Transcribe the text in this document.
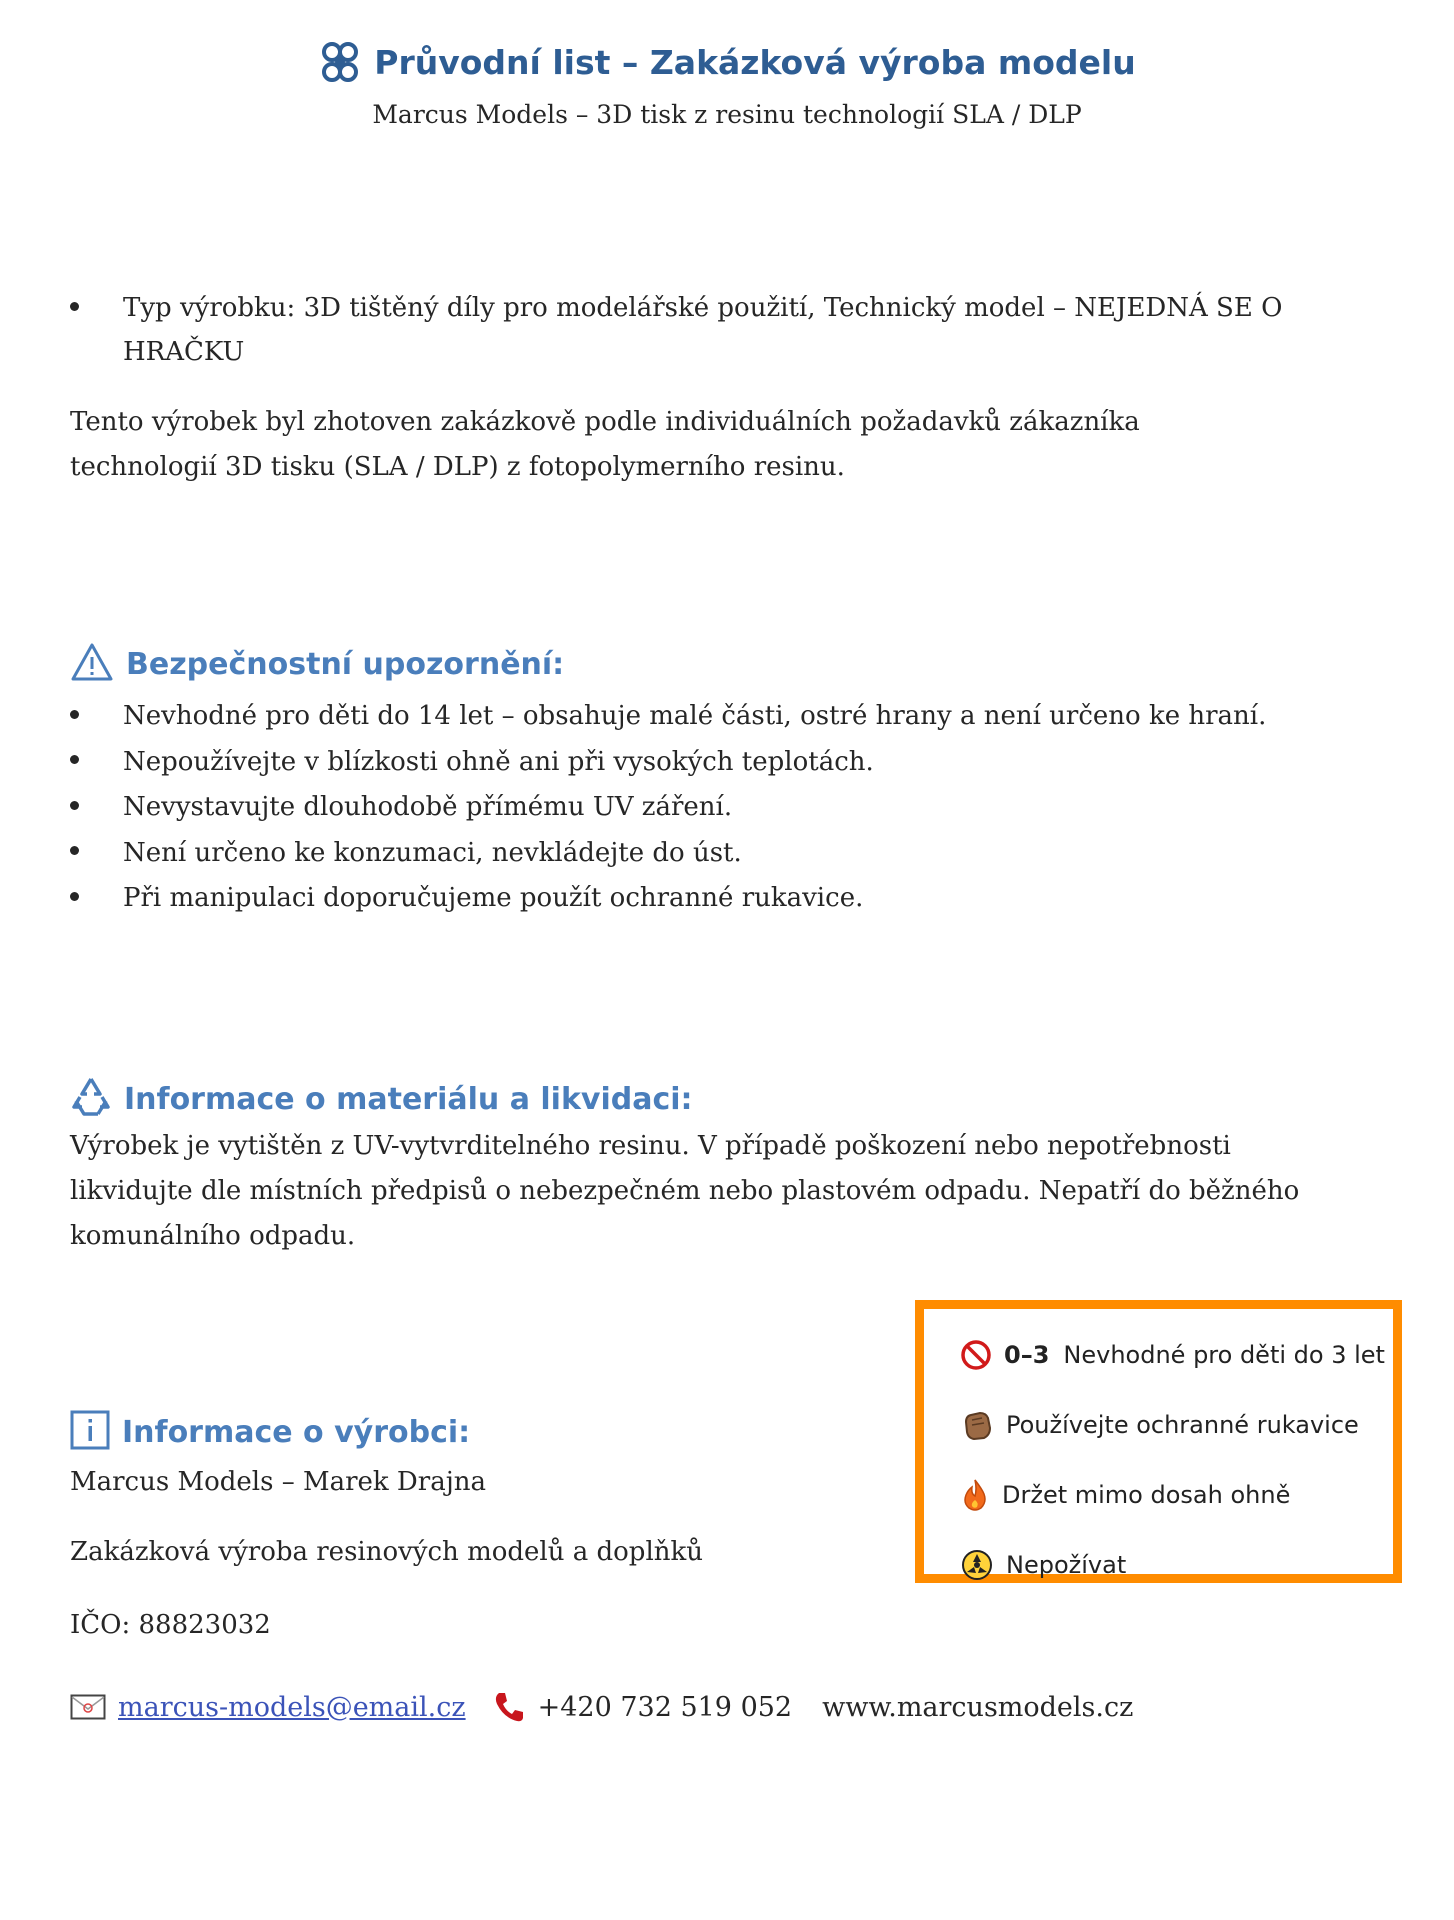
Průvodní list – Zakázková výroba modelu
Marcus Models – 3D tisk z resinu technologií SLA / DLP
Typ výrobku: 3D tištěný díly pro modelářské použití, Technický model – NEJEDNÁ SE O HRAČKU

Tento výrobek byl zhotoven zakázkově podle individuálních požadavků zákazníka technologií 3D tisku (SLA / DLP) z fotopolymerního resinu.

Bezpečnostní upozornění:
Nevhodné pro děti do 14 let – obsahuje malé části, ostré hrany a není určeno ke hraní.
Nepoužívejte v blízkosti ohně ani při vysokých teplotách.
Nevystavujte dlouhodobě přímému UV záření.
Není určeno ke konzumaci, nevkládejte do úst.
Při manipulaci doporučujeme použít ochranné rukavice.
Informace o materiálu a likvidaci:

Výrobek je vytištěn z UV-vytvrditelného resinu. V případě poškození nebo nepotřebnosti likvidujte dle místních předpisů o nebezpečném nebo plastovém odpadu. Nepatří do běžného komunálního odpadu.

0–3 Nevhodné pro děti do 3 let
Používejte ochranné rukavice
Držet mimo dosah ohně
Nepožívat
Informace o výrobci:
Marcus Models – Marek Drajna
Zakázková výroba resinových modelů a doplňků
IČO: 88823032
marcus-models@email.cz	+420 732 519 052 www.marcusmodels.cz
